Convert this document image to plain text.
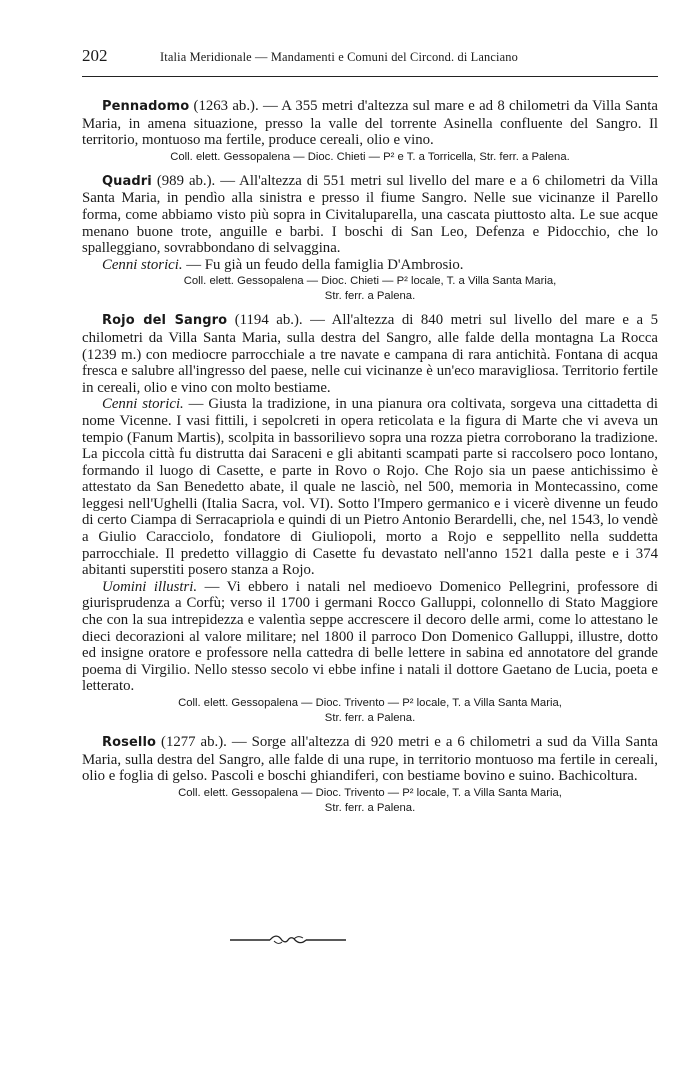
202	Italia Meridionale — Mandamenti e Comuni del Circond. di Lanciano

Pennadomo (1263 ab.). — A 355 metri d'altezza sul mare e ad 8 chilometri da Villa Santa Maria, in amena situazione, presso la valle del torrente Asinella confluente del Sangro. Il territorio, montuoso ma fertile, produce cereali, olio e vino.

Coll. elett. Gessopalena — Dioc. Chieti — P² e T. a Torricella, Str. ferr. a Palena.

Quadri (989 ab.). — All'altezza di 551 metri sul livello del mare e a 6 chilometri da Villa Santa Maria, in pendìo alla sinistra e presso il fiume Sangro. Nelle sue vicinanze il Parello forma, come abbiamo visto più sopra in Civitaluparella, una cascata piuttosto alta. Le sue acque menano buone trote, anguille e barbi. I boschi di San Leo, Defenza e Pidocchio, che lo spalleggiano, sovrabbondano di selvaggina.

Cenni storici. — Fu già un feudo della famiglia D'Ambrosio.

Coll. elett. Gessopalena — Dioc. Chieti — P² locale, T. a Villa Santa Maria,
Str. ferr. a Palena.

Rojo del Sangro (1194 ab.). — All'altezza di 840 metri sul livello del mare e a 5 chilometri da Villa Santa Maria, sulla destra del Sangro, alle falde della montagna La Rocca (1239 m.) con mediocre parrocchiale a tre navate e campana di rara antichità. Fontana di acqua fresca e salubre all'ingresso del paese, nelle cui vicinanze è un'eco maravigliosa. Territorio fertile in cereali, olio e vino con molto bestiame.

Cenni storici. — Giusta la tradizione, in una pianura ora coltivata, sorgeva una cittadetta di nome Vicenne. I vasi fittili, i sepolcreti in opera reticolata e la figura di Marte che vi aveva un tempio (Fanum Martis), scolpita in bassorilievo sopra una rozza pietra corroborano la tradizione. La piccola città fu distrutta dai Saraceni e gli abitanti scampati parte si raccolsero poco lontano, formando il luogo di Casette, e parte in Rovo o Rojo. Che Rojo sia un paese antichissimo è attestato da San Benedetto abate, il quale ne lasciò, nel 500, memoria in Montecassino, come leggesi nell'Ughelli (Italia Sacra, vol. VI). Sotto l'Impero germanico e i vicerè divenne un feudo di certo Ciampa di Serracapriola e quindi di un Pietro Antonio Berardelli, che, nel 1543, lo vendè a Giulio Caracciolo, fondatore di Giuliopoli, morto a Rojo e seppellito nella suddetta parrocchiale. Il predetto villaggio di Casette fu devastato nell'anno 1521 dalla peste e i 374 abitanti superstiti posero stanza a Rojo.

Uomini illustri. — Vi ebbero i natali nel medioevo Domenico Pellegrini, professore di giurisprudenza a Corfù; verso il 1700 i germani Rocco Galluppi, colonnello di Stato Maggiore che con la sua intrepidezza e valentìa seppe accrescere il decoro delle armi, come lo attestano le dieci decorazioni al valore militare; nel 1800 il parroco Don Domenico Galluppi, illustre, dotto ed insigne oratore e professore nella cattedra di belle lettere in sabina ed annotatore del grande poema di Virgilio. Nello stesso secolo vi ebbe infine i natali il dottore Gaetano de Lucia, poeta e letterato.

Coll. elett. Gessopalena — Dioc. Trivento — P² locale, T. a Villa Santa Maria,
Str. ferr. a Palena.

Rosello (1277 ab.). — Sorge all'altezza di 920 metri e a 6 chilometri a sud da Villa Santa Maria, sulla destra del Sangro, alle falde di una rupe, in territorio montuoso ma fertile in cereali, olio e foglia di gelso. Pascoli e boschi ghiandiferi, con bestiame bovino e suino. Bachicoltura.

Coll. elett. Gessopalena — Dioc. Trivento — P² locale, T. a Villa Santa Maria,
Str. ferr. a Palena.
